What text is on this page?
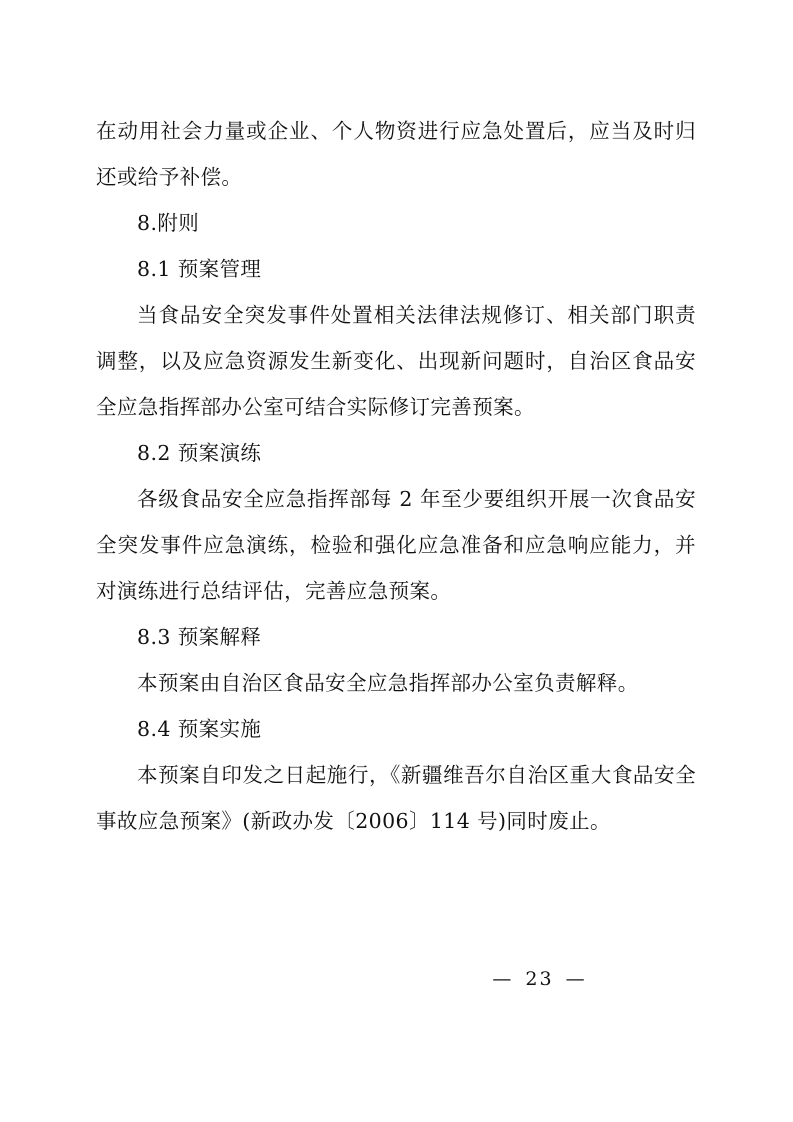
在动用社会力量或企业、个人物资进行应急处置后，应当及时归还或给予补偿。

8.附则

8.1 预案管理

当食品安全突发事件处置相关法律法规修订、相关部门职责调整，以及应急资源发生新变化、出现新问题时，自治区食品安全应急指挥部办公室可结合实际修订完善预案。

8.2 预案演练

各级食品安全应急指挥部每 2 年至少要组织开展一次食品安全突发事件应急演练，检验和强化应急准备和应急响应能力，并对演练进行总结评估，完善应急预案。

8.3 预案解释

本预案由自治区食品安全应急指挥部办公室负责解释。

8.4 预案实施

本预案自印发之日起施行，《新疆维吾尔自治区重大食品安全事故应急预案》(新政办发〔2006〕114 号)同时废止。

— 23 —
